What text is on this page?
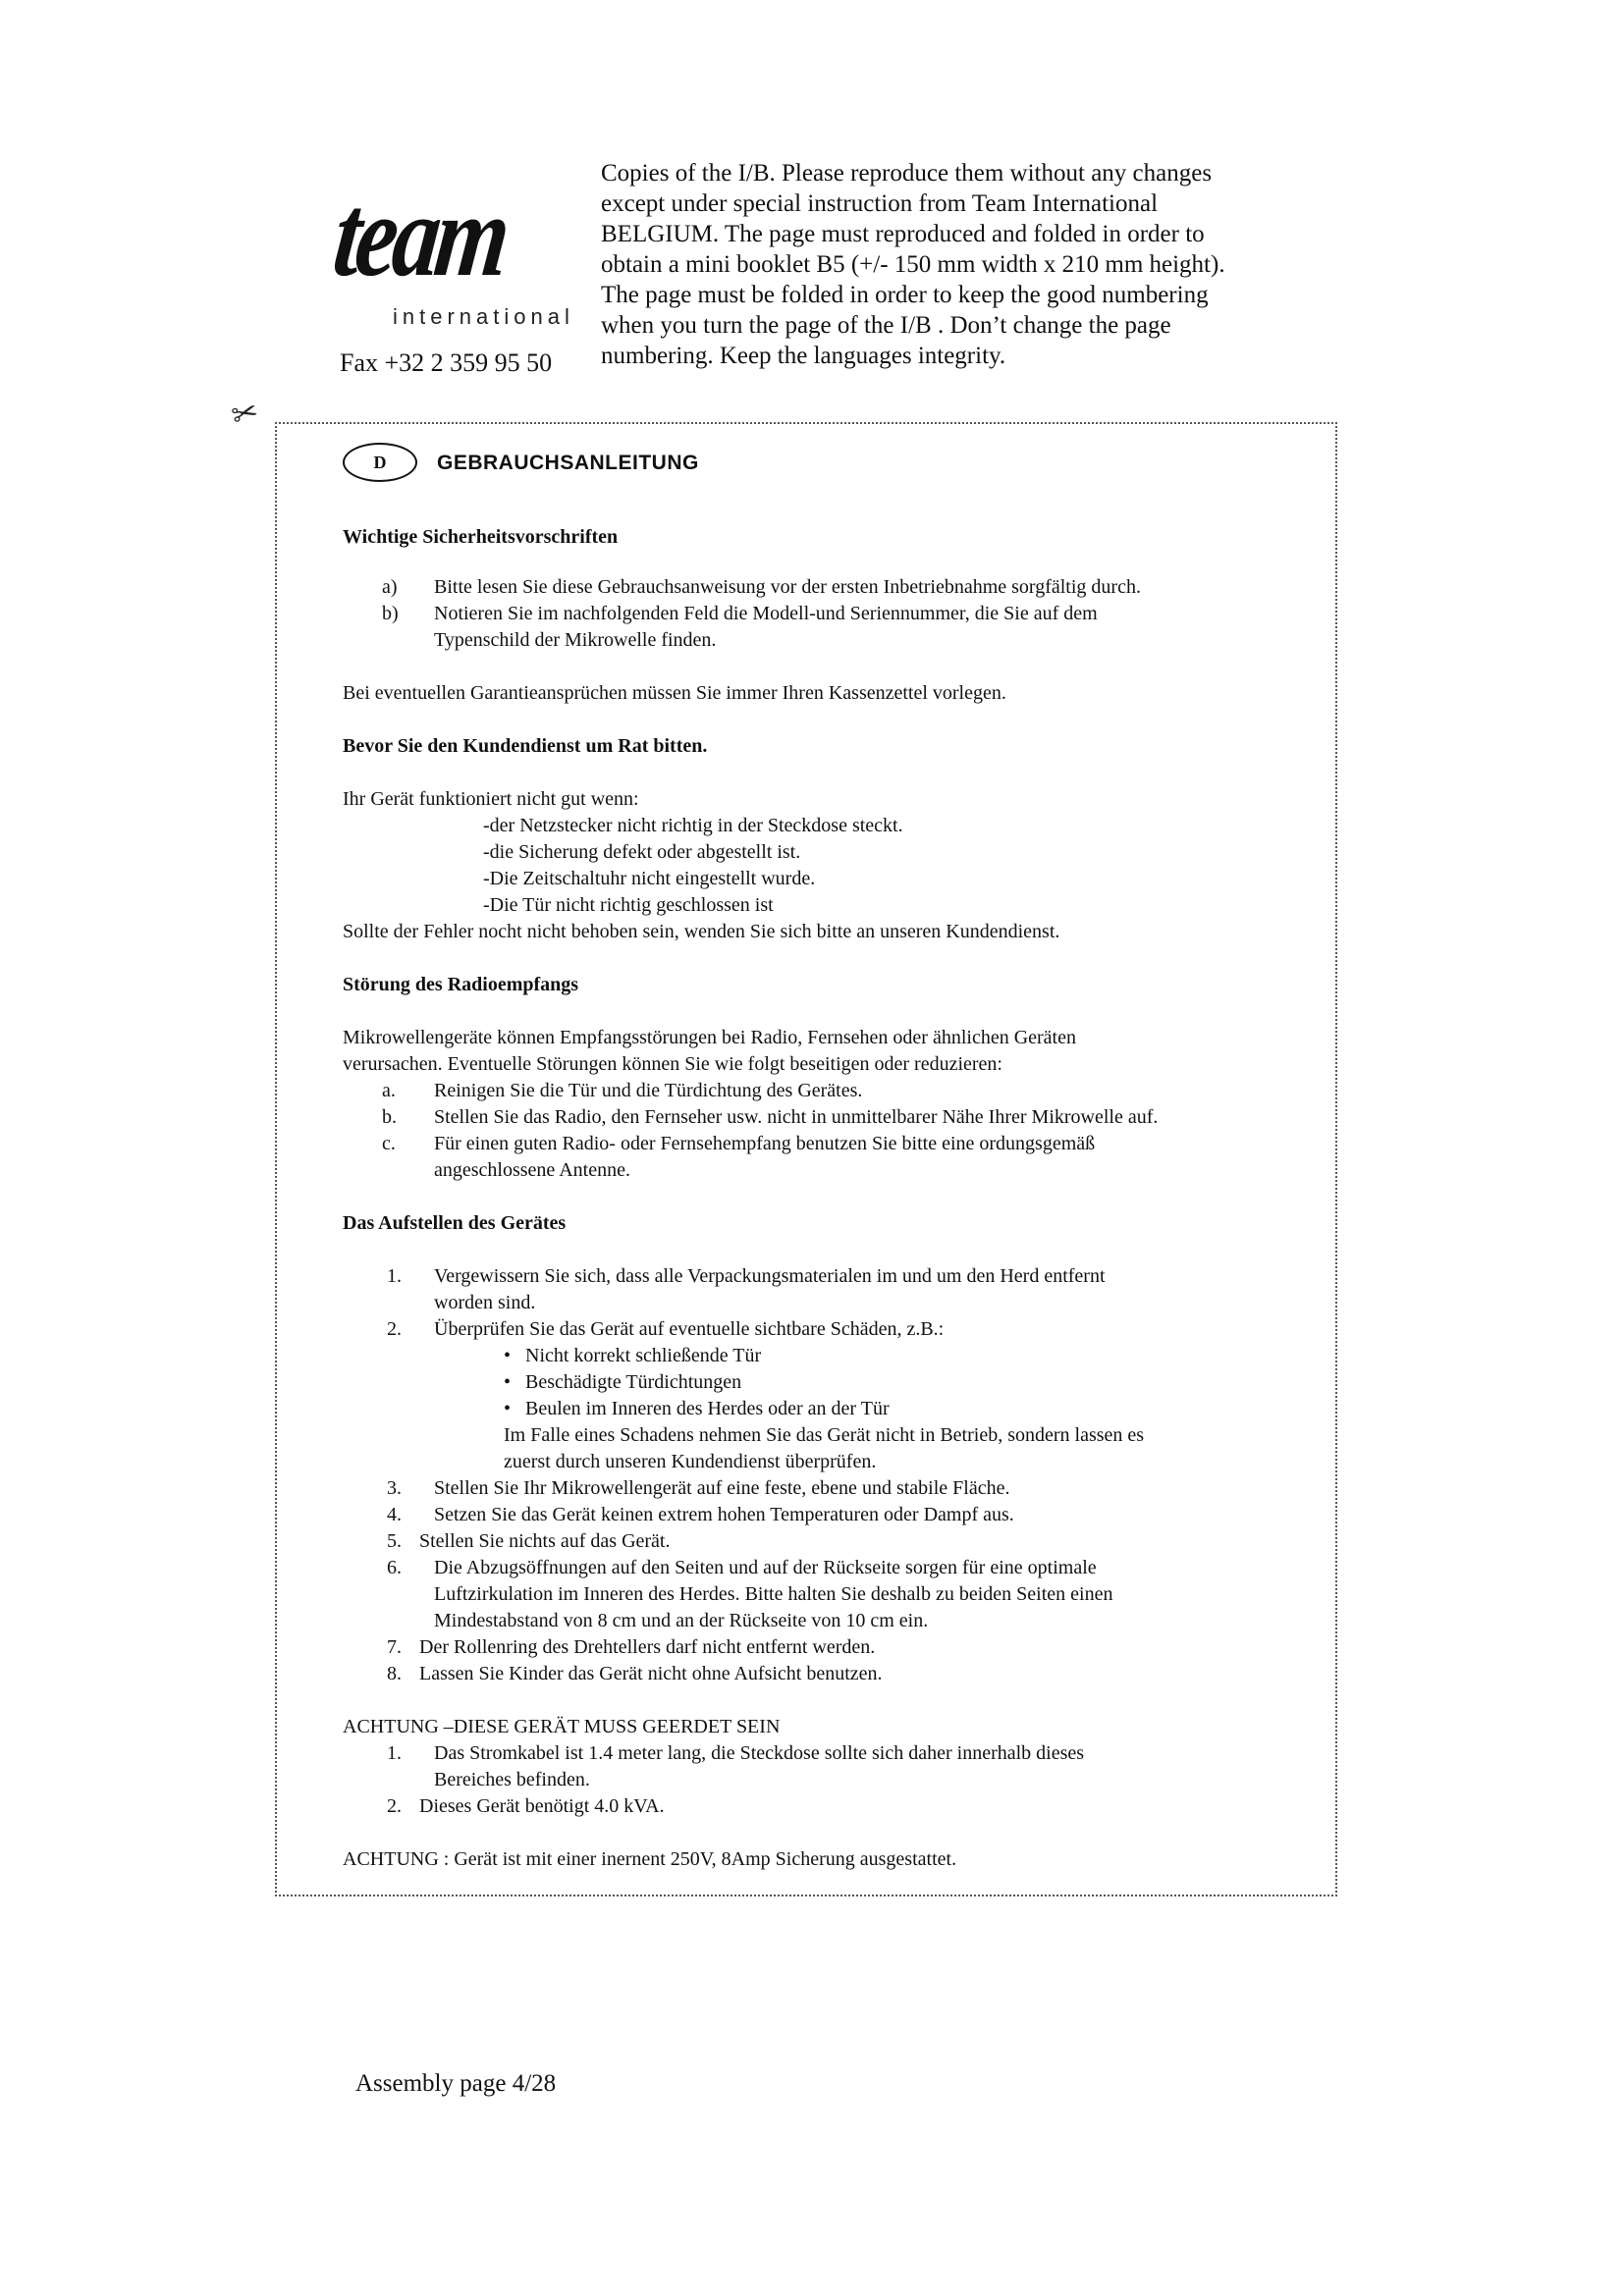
team
international
Fax +32 2 359 95 50

Copies of the I/B. Please reproduce them without any changes

except under special instruction from Team International

BELGIUM. The page must reproduced and folded in order to

obtain a mini booklet B5 (+/- 150 mm width x 210 mm height).

The page must be folded in order to keep the good numbering

when you turn the page of the I/B . Don’t change the page

numbering. Keep the languages integrity.

✂
D	GEBRAUCHSANLEITUNG
Wichtige Sicherheitsvorschriften
a) Bitte lesen Sie diese Gebrauchsanweisung vor der ersten Inbetriebnahme sorgfältig durch.
b) Notieren Sie im nachfolgenden Feld die Modell-und Seriennummer, die Sie auf dem
Typenschild der Mikrowelle finden.

Bei eventuellen Garantieansprüchen müssen Sie immer Ihren Kassenzettel vorlegen.

Bevor Sie den Kundendienst um Rat bitten.

Ihr Gerät funktioniert nicht gut wenn:

-der Netzstecker nicht richtig in der Steckdose steckt.
-die Sicherung defekt oder abgestellt ist.
-Die Zeitschaltuhr nicht eingestellt wurde.
-Die Tür nicht richtig geschlossen ist

Sollte der Fehler nocht nicht behoben sein, wenden Sie sich bitte an unseren Kundendienst.

Störung des Radioempfangs

Mikrowellengeräte können Empfangsstörungen bei Radio, Fernsehen oder ähnlichen Geräten

verursachen. Eventuelle Störungen können Sie wie folgt beseitigen oder reduzieren:

a. Reinigen Sie die Tür und die Türdichtung des Gerätes.
b. Stellen Sie das Radio, den Fernseher usw. nicht in unmittelbarer Nähe Ihrer Mikrowelle auf.
c. Für einen guten Radio- oder Fernsehempfang benutzen Sie bitte eine ordungsgemäß
angeschlossene Antenne.
Das Aufstellen des Gerätes
1. Vergewissern Sie sich, dass alle Verpackungsmaterialen im und um den Herd entfernt
worden sind.
2. Überprüfen Sie das Gerät auf eventuelle sichtbare Schäden, z.B.:
• Nicht korrekt schließende Tür
• Beschädigte Türdichtungen
• Beulen im Inneren des Herdes oder an der Tür
Im Falle eines Schadens nehmen Sie das Gerät nicht in Betrieb, sondern lassen es
zuerst durch unseren Kundendienst überprüfen.
3. Stellen Sie Ihr Mikrowellengerät auf eine feste, ebene und stabile Fläche.
4. Setzen Sie das Gerät keinen extrem hohen Temperaturen oder Dampf aus.
5. Stellen Sie nichts auf das Gerät.
6. Die Abzugsöffnungen auf den Seiten und auf der Rückseite sorgen für eine optimale
Luftzirkulation im Inneren des Herdes. Bitte halten Sie deshalb zu beiden Seiten einen
Mindestabstand von 8 cm und an der Rückseite von 10 cm ein.
7. Der Rollenring des Drehtellers darf nicht entfernt werden.
8. Lassen Sie Kinder das Gerät nicht ohne Aufsicht benutzen.

ACHTUNG –DIESE GERÄT MUSS GEERDET SEIN

1. Das Stromkabel ist 1.4 meter lang, die Steckdose sollte sich daher innerhalb dieses
Bereiches befinden.
2. Dieses Gerät benötigt 4.0 kVA.

ACHTUNG : Gerät ist mit einer inernent 250V, 8Amp Sicherung ausgestattet.

Assembly page 4/28
